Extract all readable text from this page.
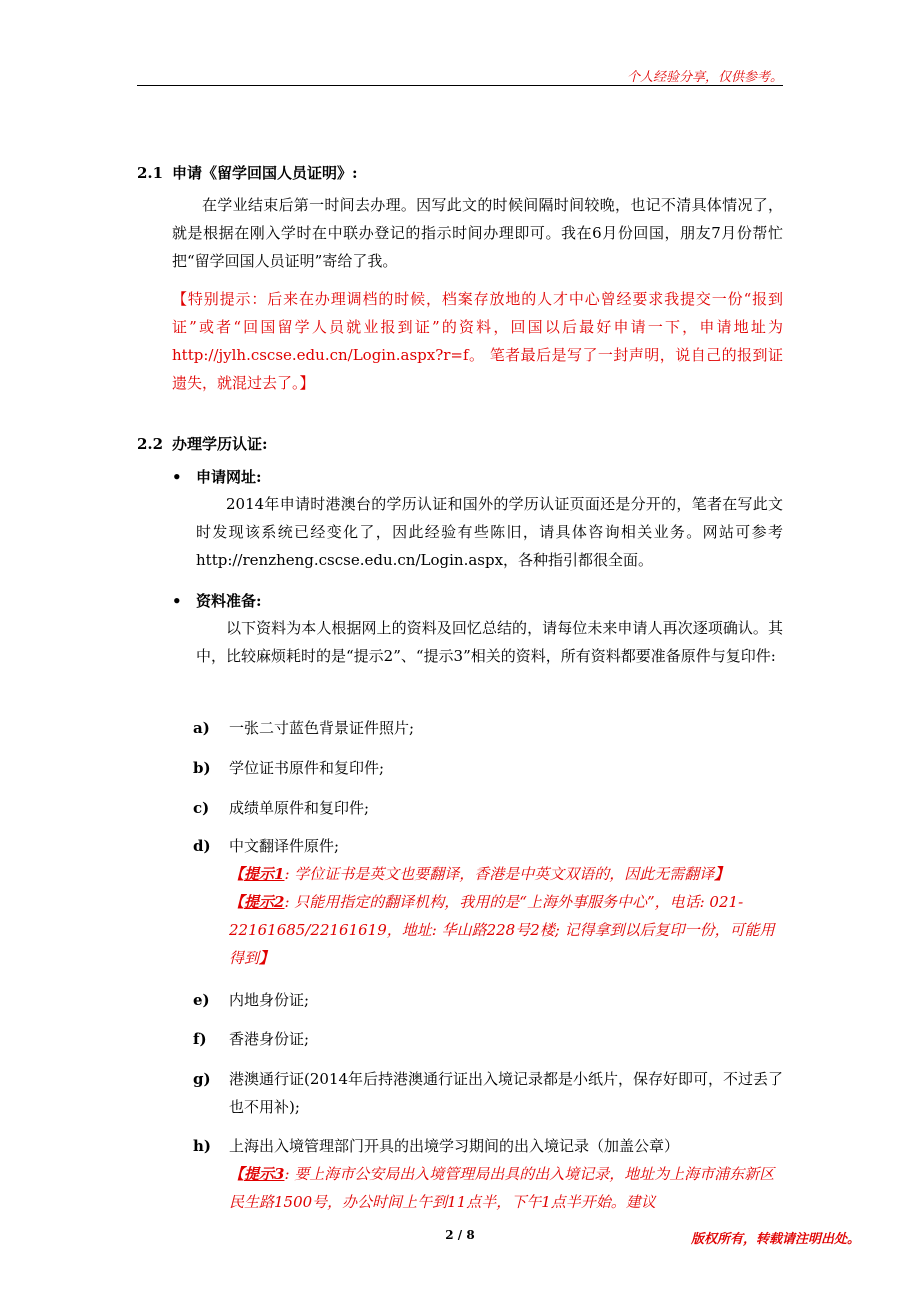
个人经验分享，仅供参考。
2.1 申请《留学回国人员证明》:
在学业结束后第一时间去办理。因写此文的时候间隔时间较晚，也记不清具体情况了，就是根据在刚入学时在中联办登记的指示时间办理即可。我在6月份回国，朋友7月份帮忙把“留学回国人员证明”寄给了我。
【特别提示：后来在办理调档的时候，档案存放地的人才中心曾经要求我提交一份“报到证”或者“回国留学人员就业报到证”的资料，回国以后最好申请一下，申请地址为 http://jylh.cscse.edu.cn/Login.aspx?r=f。 笔者最后是写了一封声明，说自己的报到证遗失，就混过去了。】
2.2 办理学历认证:
• 申请网址:
2014年申请时港澳台的学历认证和国外的学历认证页面还是分开的，笔者在写此文时发现该系统已经变化了，因此经验有些陈旧，请具体咨询相关业务。网站可参考 http://renzheng.cscse.edu.cn/Login.aspx，各种指引都很全面。
• 资料准备:
以下资料为本人根据网上的资料及回忆总结的，请每位未来申请人再次逐项确认。其中，比较麻烦耗时的是“提示2”、“提示3”相关的资料，所有资料都要准备原件与复印件:
a) 一张二寸蓝色背景证件照片;
b) 学位证书原件和复印件;
c) 成绩单原件和复印件;
d) 中文翻译件原件;
【提示1: 学位证书是英文也要翻译，香港是中英文双语的，因此无需翻译】
【提示2: 只能用指定的翻译机构，我用的是“上海外事服务中心”，电话: 021-22161685/22161619，地址: 华山路228号2楼; 记得拿到以后复印一份，可能用得到】
e) 内地身份证;
f) 香港身份证;
g) 港澳通行证(2014年后持港澳通行证出入境记录都是小纸片，保存好即可，不过丢了也不用补);
h) 上海出入境管理部门开具的出境学习期间的出入境记录（加盖公章）
【提示3: 要上海市公安局出入境管理局出具的出入境记录，地址为上海市浦东新区民生路1500号，办公时间上午到11点半，下午1点半开始。建议
2 / 8	版权所有，转载请注明出处。
